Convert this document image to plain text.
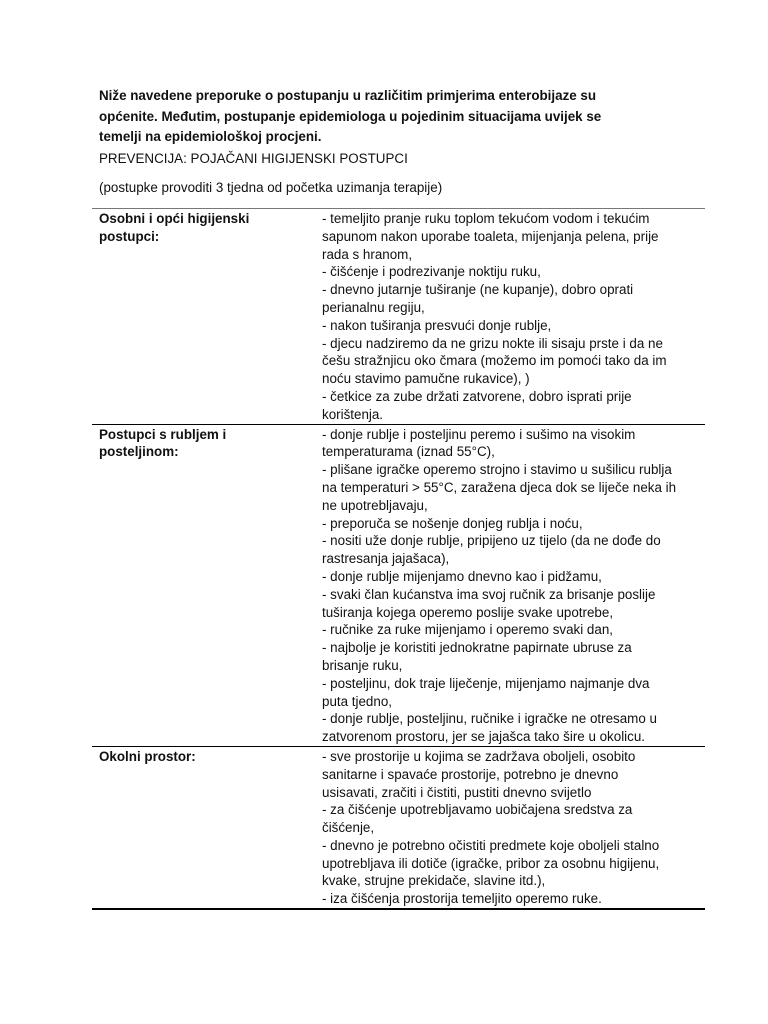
Niže navedene preporuke o postupanju u različitim primjerima enterobijaze su
općenite. Međutim, postupanje epidemiologa u pojedinim situacijama uvijek se
temelji na epidemiološkoj procjeni.
PREVENCIJA: POJAČANI HIGIJENSKI POSTUPCI
(postupke provoditi 3 tjedna od početka uzimanja terapije)
Osobni i opći higijenski
postupci:
- temeljito pranje ruku toplom tekućom vodom i tekućim
sapunom nakon uporabe toaleta, mijenjanja pelena, prije
rada s hranom,
- čišćenje i podrezivanje noktiju ruku,
- dnevno jutarnje tuširanje (ne kupanje), dobro oprati
perianalnu regiju,
- nakon tuširanja presvući donje rublje,
- djecu nadziremo da ne grizu nokte ili sisaju prste i da ne
češu stražnjicu oko čmara (možemo im pomoći tako da im
noću stavimo pamučne rukavice), )
- četkice za zube držati zatvorene, dobro isprati prije
korištenja.
Postupci s rubljem i
posteljinom:
- donje rublje i posteljinu peremo i sušimo na visokim
temperaturama (iznad 55°C),
- plišane igračke operemo strojno i stavimo u sušilicu rublja
na temperaturi > 55°C, zaražena djeca dok se liječe neka ih
ne upotrebljavaju,
- preporuča se nošenje donjeg rublja i noću,
- nositi uže donje rublje, pripijeno uz tijelo (da ne dođe do
rastresanja jajašaca),
- donje rublje mijenjamo dnevno kao i pidžamu,
- svaki član kućanstva ima svoj ručnik za brisanje poslije
tuširanja kojega operemo poslije svake upotrebe,
- ručnike za ruke mijenjamo i operemo svaki dan,
- najbolje je koristiti jednokratne papirnate ubruse za
brisanje ruku,
- posteljinu, dok traje liječenje, mijenjamo najmanje dva
puta tjedno,
- donje rublje, posteljinu, ručnike i igračke ne otresamo u
zatvorenom prostoru, jer se jajašca tako šire u okolicu.
Okolni prostor:	- sve prostorije u kojima se zadržava oboljeli, osobito
sanitarne i spavaće prostorije, potrebno je dnevno
usisavati, zračiti i čistiti, pustiti dnevno svijetlo
- za čišćenje upotrebljavamo uobičajena sredstva za
čišćenje,
- dnevno je potrebno očistiti predmete koje oboljeli stalno
upotrebljava ili dotiče (igračke, pribor za osobnu higijenu,
kvake, strujne prekidače, slavine itd.),
- iza čišćenja prostorija temeljito operemo ruke.
